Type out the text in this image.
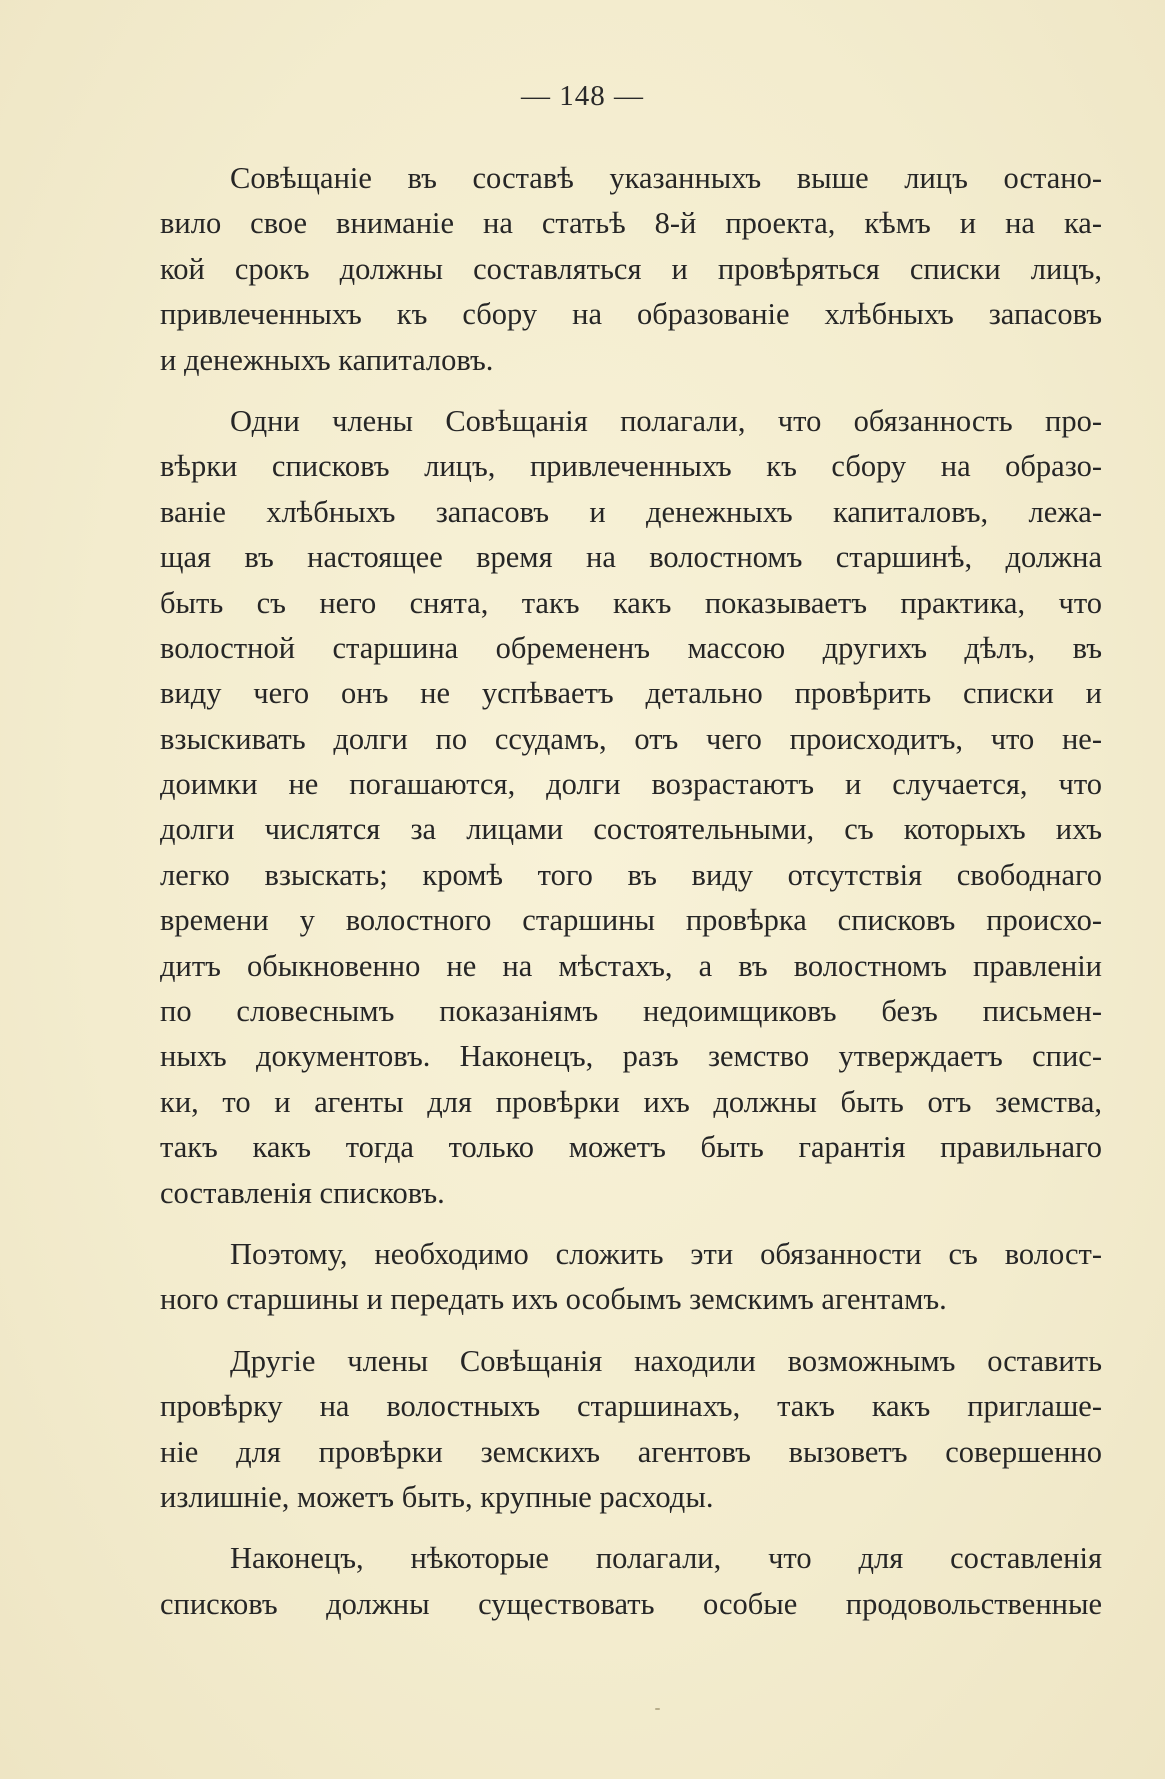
— 148 —
Совѣщаніе въ составѣ указанныхъ выше лицъ остано-
вило свое вниманіе на статьѣ 8-й проекта, кѣмъ и на ка-
кой срокъ должны составляться и провѣряться списки лицъ,
привлеченныхъ къ сбору на образованіе хлѣбныхъ запасовъ
и денежныхъ капиталовъ.
Одни члены Совѣщанія полагали, что обязанность про-
вѣрки списковъ лицъ, привлеченныхъ къ сбору на образо-
ваніе хлѣбныхъ запасовъ и денежныхъ капиталовъ, лежа-
щая въ настоящее время на волостномъ старшинѣ, должна
быть съ него снята, такъ какъ показываетъ практика, что
волостной старшина обремененъ массою другихъ дѣлъ, въ
виду чего онъ не успѣваетъ детально провѣрить списки и
взыскивать долги по ссудамъ, отъ чего происходитъ, что не-
доимки не погашаются, долги возрастаютъ и случается, что
долги числятся за лицами состоятельными, съ которыхъ ихъ
легко взыскать; кромѣ того въ виду отсутствія свободнаго
времени у волостного старшины провѣрка списковъ происхо-
дитъ обыкновенно не на мѣстахъ, а въ волостномъ правленіи
по словеснымъ показаніямъ недоимщиковъ безъ письмен-
ныхъ документовъ. Наконецъ, разъ земство утверждаетъ спис-
ки, то и агенты для провѣрки ихъ должны быть отъ земства,
такъ какъ тогда только можетъ быть гарантія правильнаго
составленія списковъ.
Поэтому, необходимо сложить эти обязанности съ волост-
ного старшины и передать ихъ особымъ земскимъ агентамъ.
Другіе члены Совѣщанія находили возможнымъ оставить
провѣрку на волостныхъ старшинахъ, такъ какъ приглаше-
ніе для провѣрки земскихъ агентовъ вызоветъ совершенно
излишніе, можетъ быть, крупные расходы.
Наконецъ, нѣкоторые полагали, что для составленія
списковъ должны существовать особые продовольственные
